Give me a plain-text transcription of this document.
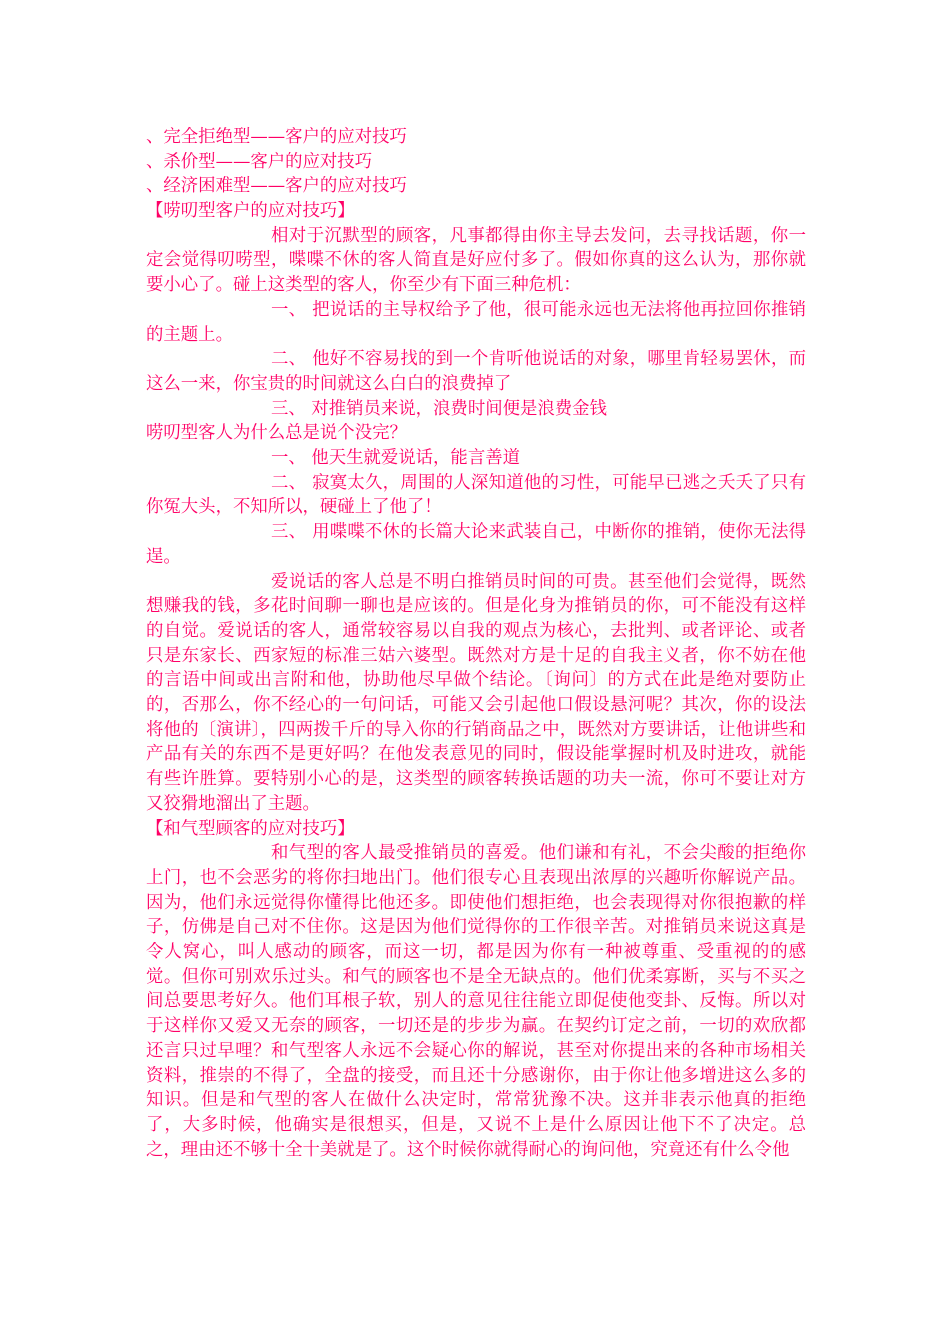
、完全拒绝型——客户的应对技巧
、杀价型——客户的应对技巧
、经济困难型——客户的应对技巧
【唠叨型客户的应对技巧】
相对于沉默型的顾客，凡事都得由你主导去发问，去寻找话题，你一定会觉得叨唠型，喋喋不休的客人简直是好应付多了。假如你真的这么认为，那你就要小心了。碰上这类型的客人，你至少有下面三种危机：
一、 把说话的主导权给予了他，很可能永远也无法将他再拉回你推销的主题上。
二、 他好不容易找的到一个肯听他说话的对象，哪里肯轻易罢休，而这么一来，你宝贵的时间就这么白白的浪费掉了
三、 对推销员来说，浪费时间便是浪费金钱
唠叨型客人为什么总是说个没完？
一、 他天生就爱说话，能言善道
二、 寂寞太久，周围的人深知道他的习性，可能早已逃之夭夭了只有你冤大头，不知所以，硬碰上了他了！
三、 用喋喋不休的长篇大论来武装自己，中断你的推销，使你无法得逞。
爱说话的客人总是不明白推销员时间的可贵。甚至他们会觉得，既然想赚我的钱，多花时间聊一聊也是应该的。但是化身为推销员的你，可不能没有这样的自觉。爱说话的客人，通常较容易以自我的观点为核心，去批判、或者评论、或者只是东家长、西家短的标准三姑六婆型。既然对方是十足的自我主义者，你不妨在他的言语中间或出言附和他，协助他尽早做个结论。〔询问〕的方式在此是绝对要防止的，否那么，你不经心的一句问话，可能又会引起他口假设悬河呢？其次，你的设法将他的〔演讲〕，四两拨千斤的导入你的行销商品之中，既然对方要讲话，让他讲些和产品有关的东西不是更好吗？在他发表意见的同时，假设能掌握时机及时进攻，就能有些许胜算。要特别小心的是，这类型的顾客转换话题的功夫一流，你可不要让对方又狡猾地溜出了主题。
【和气型顾客的应对技巧】
和气型的客人最受推销员的喜爱。他们谦和有礼，不会尖酸的拒绝你上门，也不会恶劣的将你扫地出门。他们很专心且表现出浓厚的兴趣听你解说产品。因为，他们永远觉得你懂得比他还多。即使他们想拒绝，也会表现得对你很抱歉的样子，仿佛是自己对不住你。这是因为他们觉得你的工作很辛苦。对推销员来说这真是令人窝心，叫人感动的顾客，而这一切，都是因为你有一种被尊重、受重视的的感觉。但你可别欢乐过头。和气的顾客也不是全无缺点的。他们优柔寡断，买与不买之间总要思考好久。他们耳根子软，别人的意见往往能立即促使他变卦、反悔。所以对于这样你又爱又无奈的顾客，一切还是的步步为赢。在契约订定之前，一切的欢欣都还言只过早哩？和气型客人永远不会疑心你的解说，甚至对你提出来的各种市场相关资料，推崇的不得了，全盘的接受，而且还十分感谢你，由于你让他多增进这么多的知识。但是和气型的客人在做什么决定时，常常犹豫不决。这并非表示他真的拒绝了，大多时候，他确实是很想买，但是，又说不上是什么原因让他下不了决定。总之，理由还不够十全十美就是了。这个时候你就得耐心的询问他，究竟还有什么令他
